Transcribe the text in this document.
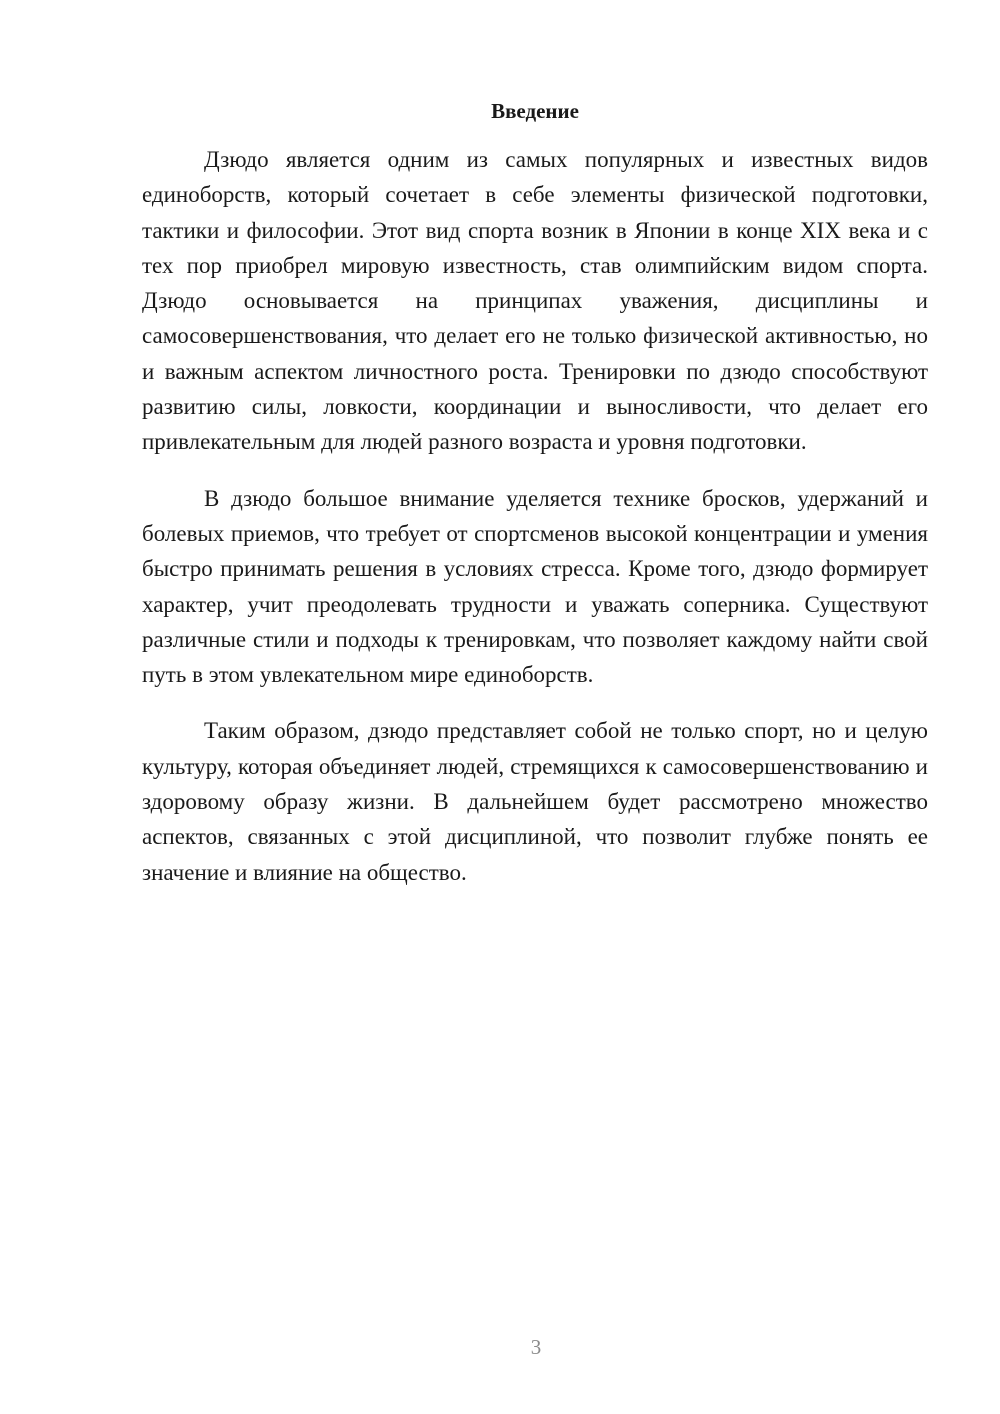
Введение

Дзюдо является одним из самых популярных и известных видов единоборств, который сочетает в себе элементы физической подготовки, тактики и философии. Этот вид спорта возник в Японии в конце XIX века и с тех пор приобрел мировую известность, став олимпийским видом спорта. Дзюдо основывается на принципах уважения, дисциплины и самосовершенствования, что делает его не только физической активностью, но и важным аспектом личностного роста. Тренировки по дзюдо способствуют развитию силы, ловкости, координации и выносливости, что делает его привлекательным для людей разного возраста и уровня подготовки.

В дзюдо большое внимание уделяется технике бросков, удержаний и болевых приемов, что требует от спортсменов высокой концентрации и умения быстро принимать решения в условиях стресса. Кроме того, дзюдо формирует характер, учит преодолевать трудности и уважать соперника. Существуют различные стили и подходы к тренировкам, что позволяет каждому найти свой путь в этом увлекательном мире единоборств.

Таким образом, дзюдо представляет собой не только спорт, но и целую культуру, которая объединяет людей, стремящихся к самосовершенствованию и здоровому образу жизни. В дальнейшем будет рассмотрено множество аспектов, связанных с этой дисциплиной, что позволит глубже понять ее значение и влияние на общество.

3
